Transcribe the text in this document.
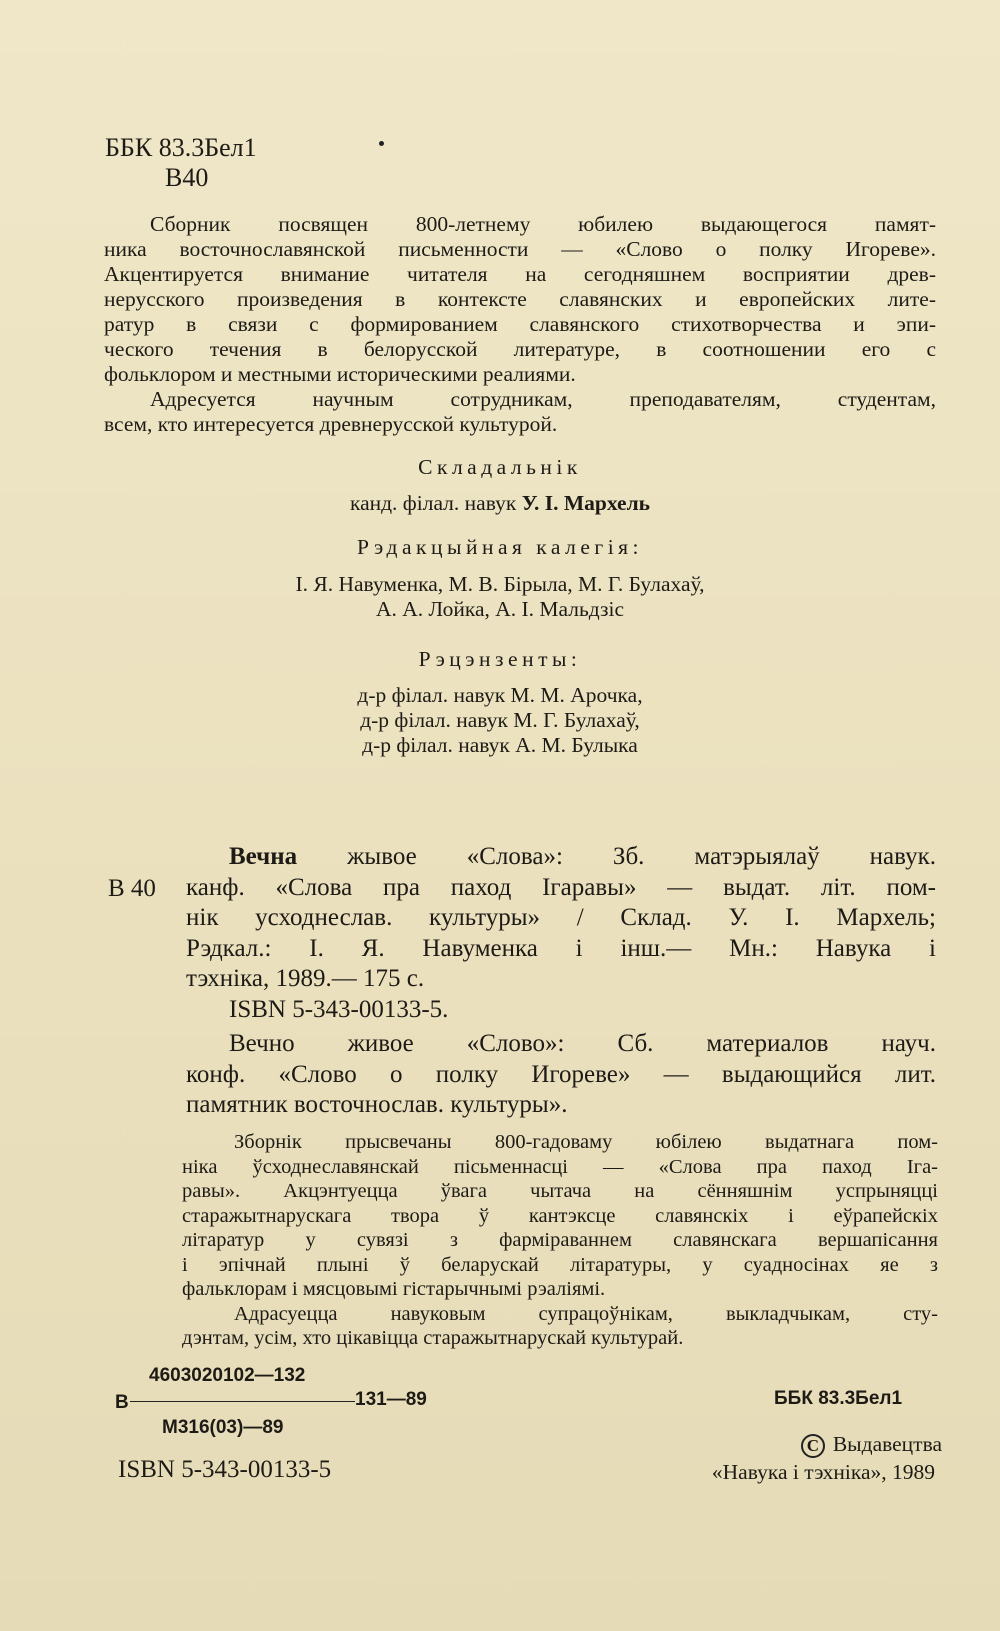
ББК 83.3Бел1
В40
Сборник посвящен 800-летнему юбилею выдающегося памят-
ника восточнославянской письменности — «Слово о полку Игореве».
Акцентируется внимание читателя на сегодняшнем восприятии древ-
нерусского произведения в контексте славянских и европейских лите-
ратур в связи с формированием славянского стихотворчества и эпи-
ческого течения в белорусской литературе, в соотношении его с
фольклором и местными историческими реалиями.
Адресуется научным сотрудникам, преподавателям, студентам,
всем, кто интересуется древнерусской культурой.
Складальнік
канд. філал. навук У. І. Мархель
Рэдакцыйная калегія:
І. Я. Навуменка, М. В. Бірыла, М. Г. Булахаў,
А. А. Лойка, А. І. Мальдзіс
Рэцэнзенты:
д-р філал. навук М. М. Арочка,
д-р філал. навук М. Г. Булахаў,
д-р філал. навук А. М. Булыка
В 40
Вечна жывое «Слова»: Зб. матэрыялаў навук.
канф. «Слова пра паход Ігаравы» — выдат. літ. пом-
нік усходнеслав. культуры» / Склад. У. І. Мархель;
Рэдкал.: І. Я. Навуменка і інш.— Мн.: Навука і
тэхніка, 1989.— 175 с.
ISBN 5-343-00133-5.
Вечно живое «Слово»: Сб. материалов науч.
конф. «Слово о полку Игореве» — выдающийся лит.
памятник восточнослав. культуры».
Зборнік прысвечаны 800-гадоваму юбілею выдатнага пом-
ніка ўсходнеславянскай пісьменнасці — «Слова пра паход Іга-
равы». Акцэнтуецца ўвага чытача на сённяшнім успрыняцці
старажытнарускага твора ў кантэксце славянскіх і еўрапейскіх
літаратур у сувязі з фарміраваннем славянскага вершапісання
і эпічнай плыні ў беларускай літаратуры, у суадносінах яе з
фальклорам і мясцовымі гістарычнымі рэаліямі.
Адрасуецца навуковым супрацоўнікам, выкладчыкам, сту-
дэнтам, усім, хто цікавіцца старажытнарускай культурай.
4603020102—132
В	131—89
М316(03)—89
ББК 83.3Бел1
ISBN 5-343-00133-5
C Выдавецтва
«Навука і тэхніка», 1989
